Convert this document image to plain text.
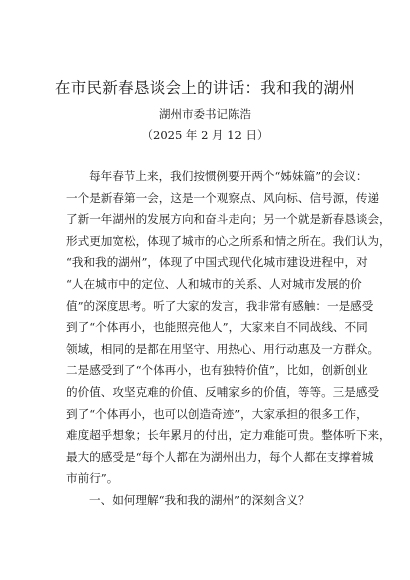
在市民新春恳谈会上的讲话：我和我的湖州
湖州市委书记陈浩
（2025 年 2 月 12 日）
每年春节上来，我们按惯例要开两个“姊妹篇”的会议：
一个是新春第一会，这是一个观察点、风向标、信号源，传递
了新一年湖州的发展方向和奋斗走向；另一个就是新春恳谈会，
形式更加宽松，体现了城市的心之所系和情之所在。我们认为，
“我和我的湖州”，体现了中国式现代化城市建设进程中，对
“人在城市中的定位、人和城市的关系、人对城市发展的价
值”的深度思考。听了大家的发言，我非常有感触：一是感受
到了“个体再小，也能照亮他人”，大家来自不同战线、不同
领域，相同的是都在用坚守、用热心、用行动惠及一方群众。
二是感受到了“个体再小，也有独特价值”，比如，创新创业
的价值、攻坚克难的价值、反哺家乡的价值，等等。三是感受
到了“个体再小，也可以创造奇迹”，大家承担的很多工作，
难度超乎想象；长年累月的付出，定力难能可贵。整体听下来，
最大的感受是“每个人都在为湖州出力，每个人都在支撑着城
市前行”。
一、如何理解“我和我的湖州”的深刻含义？
